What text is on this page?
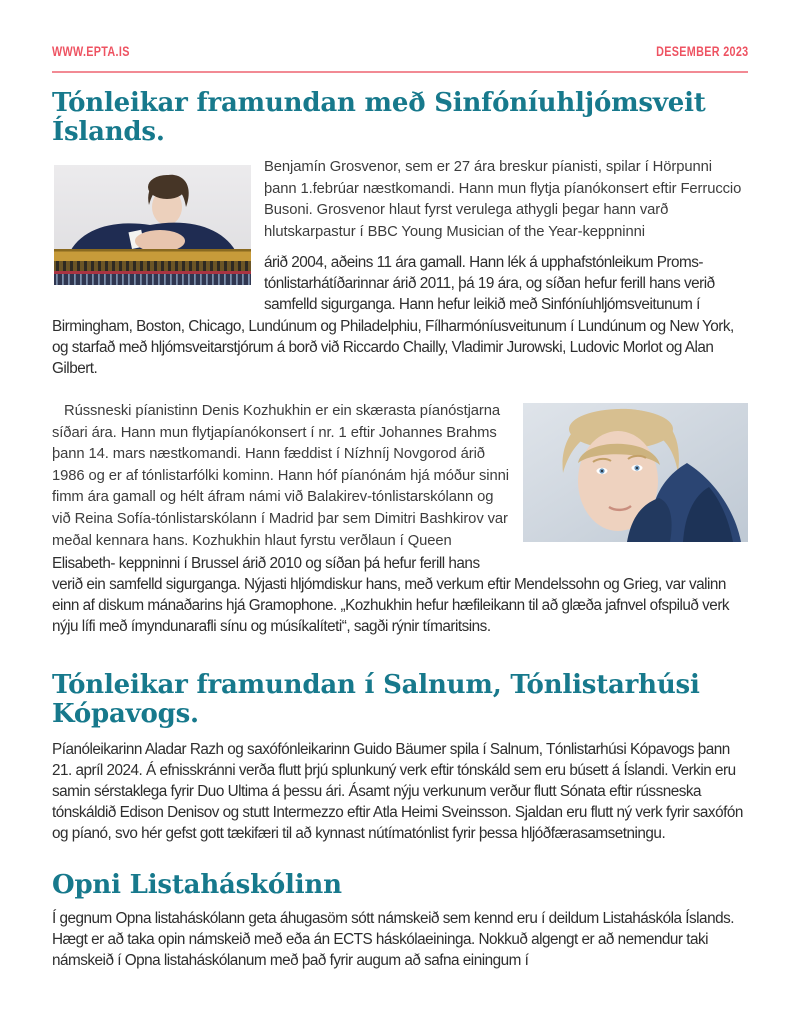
WWW.EPTA.IS	DESEMBER 2023
Tónleikar framundan með Sinfóníuhljómsveit Íslands.

Benjamín Grosvenor, sem er 27 ára breskur píanisti, spilar í Hörpunni þann 1.febrúar næstkomandi. Hann mun flytja píanókonsert eftir Ferruccio Busoni. Grosvenor hlaut fyrst verulega athygli þegar hann varð hlutskarpastur í BBC Young Musician of the Year-keppninni

árið 2004, aðeins 11 ára gamall. Hann lék á upphafstónleikum Proms-tónlistarhátíðarinnar árið 2011, þá 19 ára, og síðan hefur ferill hans verið samfelld sigurganga. Hann hefur leikið með Sinfóníuhljómsveitunum í Birmingham, Boston, Chicago, Lundúnum og Philadelphiu, Fílharmóníusveitunum í Lundúnum og New York, og starfað með hljómsveitarstjórum á borð við Riccardo Chailly, Vladimir Jurowski, Ludovic Morlot og Alan Gilbert.

Rússneski píanistinn Denis Kozhukhin er ein skærasta píanóstjarna síðari ára. Hann mun flytjapíanókonsert í nr. 1 eftir Johannes Brahms þann 14. mars næstkomandi. Hann fæddist í Nízhníj Novgorod árið 1986 og er af tónlistarfólki kominn. Hann hóf píanónám hjá móður sinni fimm ára gamall og hélt áfram námi við Balakirev-tónlistarskólann og við Reina Sofía-tónlistarskólann í Madrid þar sem Dimitri Bashkirov var meðal kennara hans. Kozhukhin hlaut fyrstu verðlaun í Queen Elisabeth- keppninni í Brussel árið 2010 og síðan þá hefur ferill hans verið ein samfelld sigurganga. Nýjasti hljómdiskur hans, með verkum eftir Mendelssohn og Grieg, var valinn einn af diskum mánaðarins hjá Gramophone. „Kozhukhin hefur hæfileikann til að glæða jafnvel ofspiluð verk nýju lífi með ímyndunarafli sínu og músíkalíteti“, sagði rýnir tímaritsins.

Tónleikar framundan í Salnum, Tónlistarhúsi Kópavogs.

Píanóleikarinn Aladar Razh og saxófónleikarinn Guido Bäumer spila í Salnum, Tónlistarhúsi Kópavogs þann 21. apríl 2024. Á efnisskránni verða flutt þrjú splunkuný verk eftir tónskáld sem eru búsett á Íslandi. Verkin eru samin sérstaklega fyrir Duo Ultima á þessu ári. Ásamt nýju verkunum verður flutt Sónata eftir rússneska tónskáldið Edison Denisov og stutt Intermezzo eftir Atla Heimi Sveinsson. Sjaldan eru flutt ný verk fyrir saxófón og píanó, svo hér gefst gott tækifæri til að kynnast nútímatónlist fyrir þessa hljóðfærasamsetningu.

Opni Listaháskólinn

Í gegnum Opna listaháskólann geta áhugasöm sótt námskeið sem kennd eru í deildum Listaháskóla Íslands. Hægt er að taka opin námskeið með eða án ECTS háskólaeininga. Nokkuð algengt er að nemendur taki námskeið í Opna listaháskólanum með það fyrir augum að safna einingum í
